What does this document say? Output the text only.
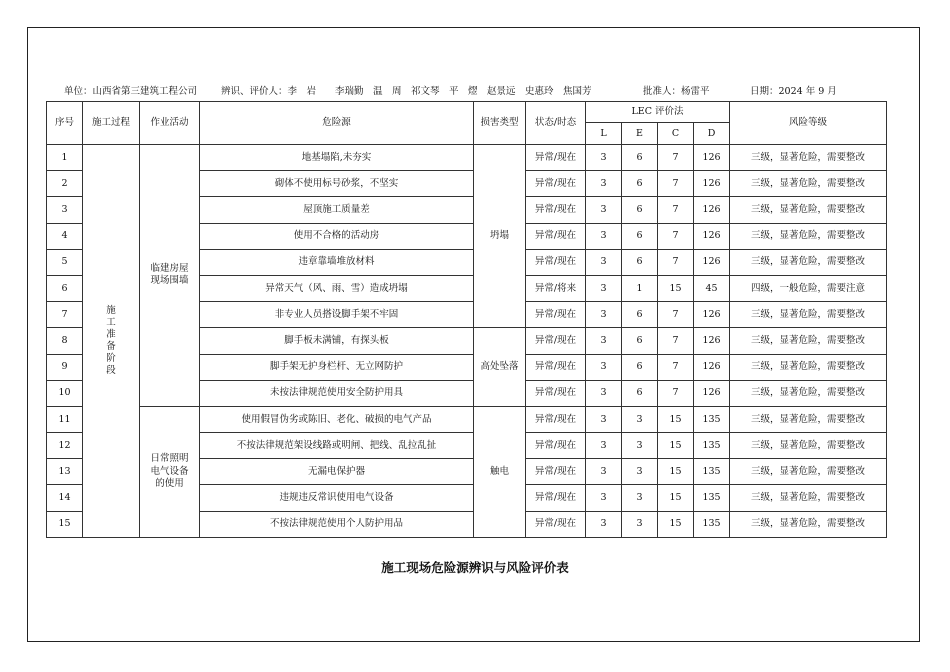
单位：山西省第三建筑工程公司	辨识、评价人：李　岩　　李瑞勤　温　周　祁文琴　平　熤　赵景远　史惠玲　焦国芳	批准人：杨雷平	日期：2024 年 9 月
序号	施工过程	作业活动	危险源	损害类型	状态/时态	LEC 评价法				风险等级
						L	E	C	D	
1	施工准备阶段	临建房屋现场围墙	地基塌陷,未夯实	坍塌	异常/现在	3	6	7	126	三级，显著危险，需要整改
2			砌体不使用标号砂浆，不坚实		异常/现在	3	6	7	126	三级，显著危险，需要整改
3			屋顶施工质量差		异常/现在	3	6	7	126	三级，显著危险，需要整改
4			使用不合格的活动房		异常/现在	3	6	7	126	三级，显著危险，需要整改
5			违章靠墙堆放材料		异常/现在	3	6	7	126	三级，显著危险，需要整改
6			异常天气（风、雨、雪）造成坍塌		异常/将来	3	1	15	45	四级，一般危险，需要注意
7			非专业人员搭设脚手架不牢固		异常/现在	3	6	7	126	三级，显著危险，需要整改
8			脚手板未满铺，有探头板	高处坠落	异常/现在	3	6	7	126	三级，显著危险，需要整改
9			脚手架无护身栏杆、无立网防护		异常/现在	3	6	7	126	三级，显著危险，需要整改
10			未按法律规范使用安全防护用具		异常/现在	3	6	7	126	三级，显著危险，需要整改
11		日常照明电气设备的使用	使用假冒伪劣或陈旧、老化、破损的电气产品	触电	异常/现在	3	3	15	135	三级，显著危险，需要整改
12			不按法律规范架设线路或明闸、把线、乱拉乱扯		异常/现在	3	3	15	135	三级，显著危险，需要整改
13			无漏电保护器		异常/现在	3	3	15	135	三级，显著危险，需要整改
14			违规违反常识使用电气设备		异常/现在	3	3	15	135	三级，显著危险，需要整改
15			不按法律规范使用个人防护用品		异常/现在	3	3	15	135	三级，显著危险，需要整改
施工现场危险源辨识与风险评价表
